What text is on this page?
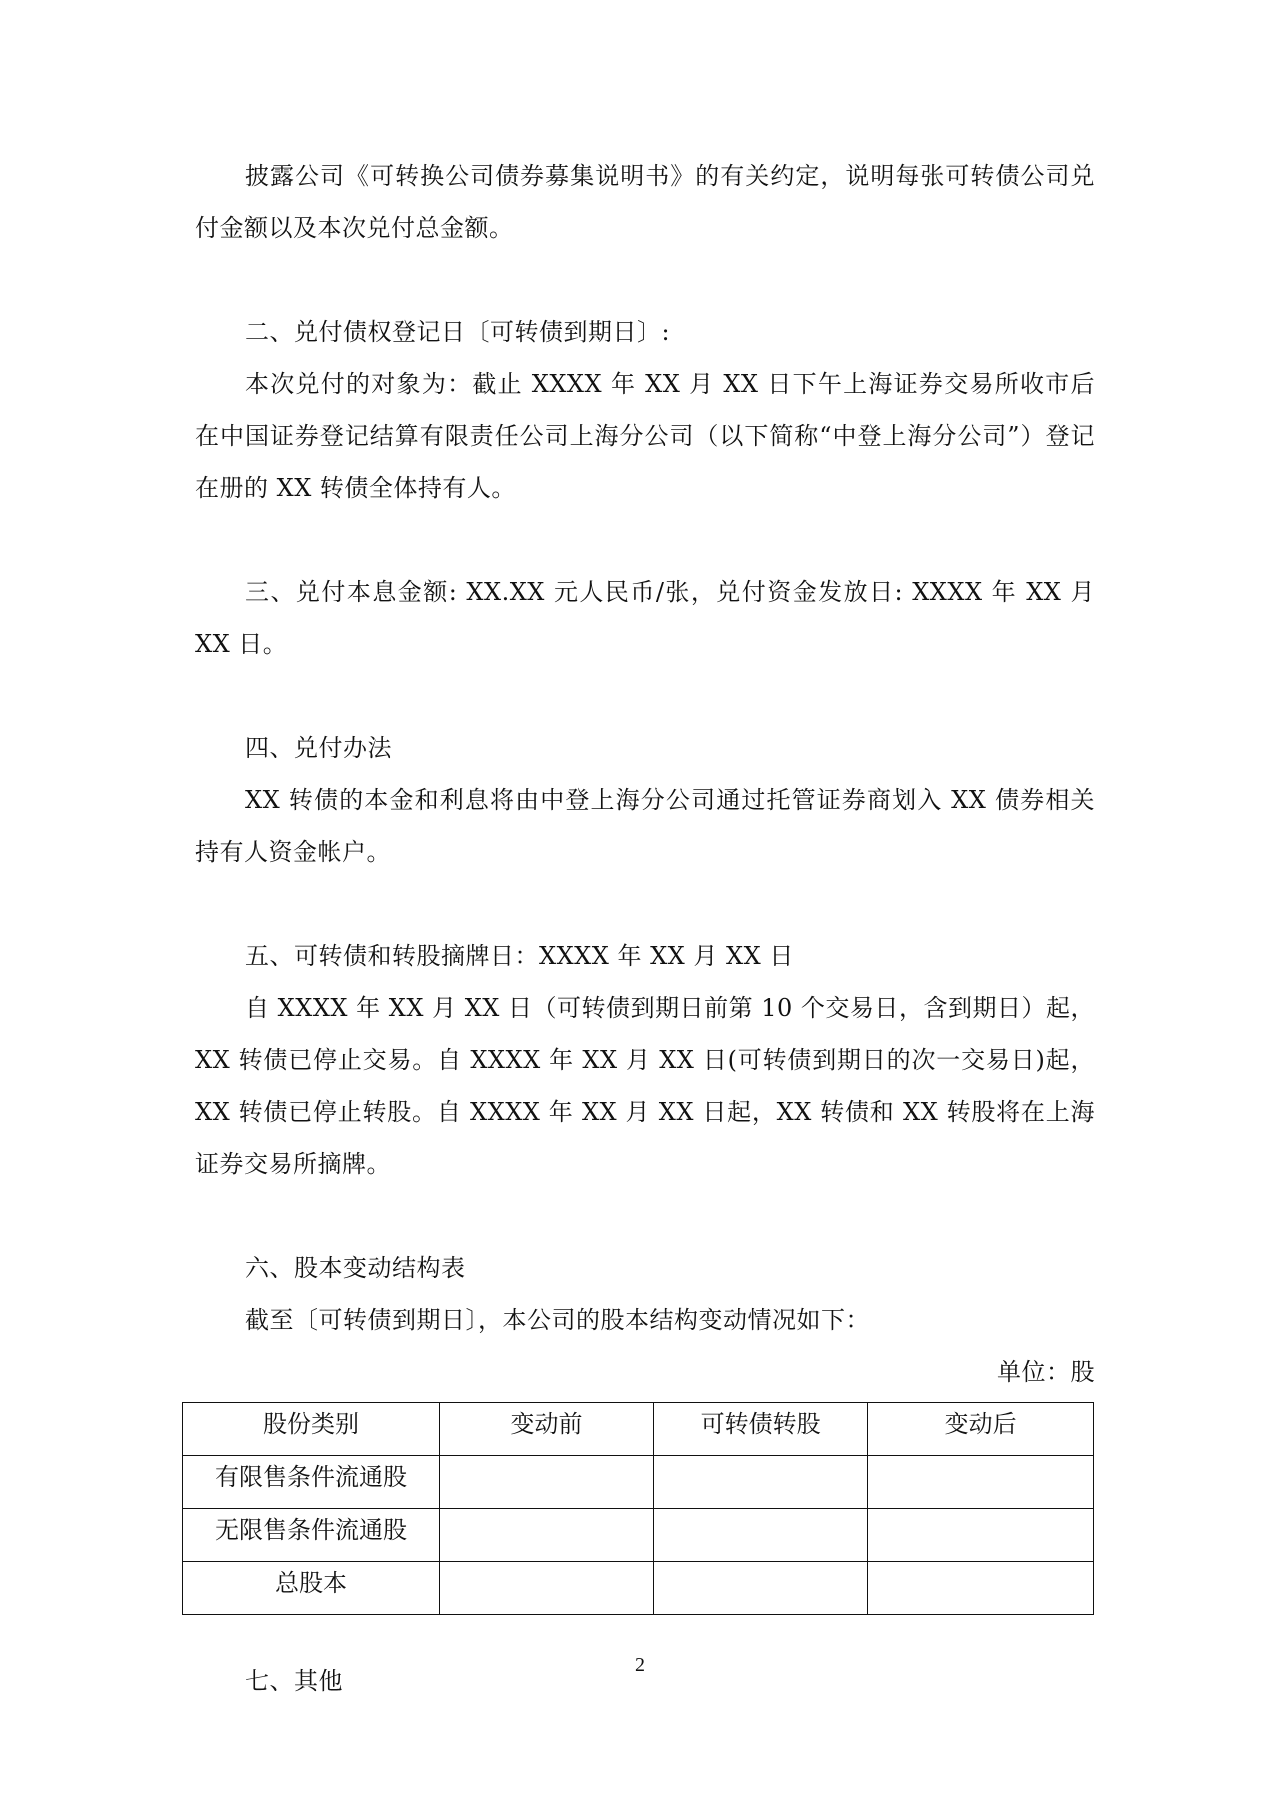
披露公司《可转换公司债券募集说明书》的有关约定，说明每张可转债公司兑付金额以及本次兑付总金额。

二、兑付债权登记日〔可转债到期日〕:

本次兑付的对象为：截止 XXXX 年 XX 月 XX 日下午上海证券交易所收市后在中国证券登记结算有限责任公司上海分公司（以下简称“中登上海分公司”）登记在册的 XX 转债全体持有人。

三、兑付本息金额: XX.XX 元人民币/张，兑付资金发放日: XXXX 年 XX 月 XX 日。

四、兑付办法

XX 转债的本金和利息将由中登上海分公司通过托管证券商划入 XX 债券相关持有人资金帐户。

五、可转债和转股摘牌日：XXXX 年 XX 月 XX 日

自 XXXX 年 XX 月 XX 日（可转债到期日前第 10 个交易日，含到期日）起，XX 转债已停止交易。自 XXXX 年 XX 月 XX 日(可转债到期日的次一交易日)起，XX 转债已停止转股。自 XXXX 年 XX 月 XX 日起，XX 转债和 XX 转股将在上海证券交易所摘牌。

六、股本变动结构表

截至〔可转债到期日〕，本公司的股本结构变动情况如下：

单位：股

股份类别	变动前	可转债转股	变动后
有限售条件流通股			
无限售条件流通股			
总股本			

七、其他

2
